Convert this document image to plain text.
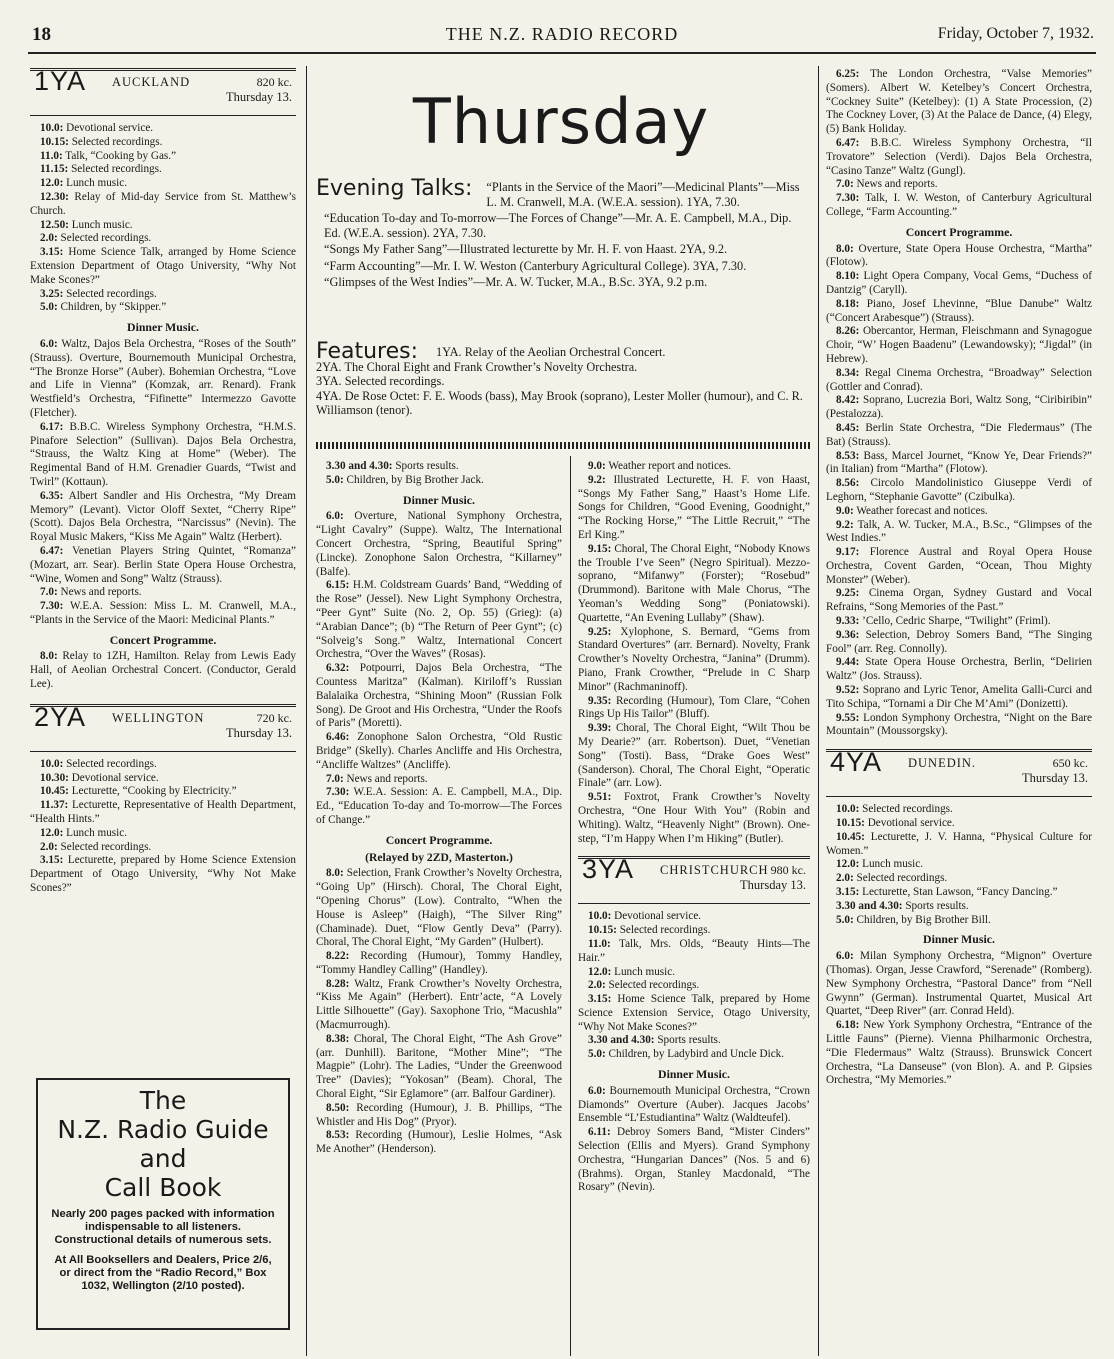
18	THE N.Z. RADIO RECORD	Friday, October 7, 1932.
1YA AUCKLAND	820 kc.
Thursday 13.

10.0: Devotional service.

10.15: Selected recordings.

11.0: Talk, “Cooking by Gas.”

11.15: Selected recordings.

12.0: Lunch music.

12.30: Relay of Mid-day Service from St. Matthew’s Church.

12.50: Lunch music.

2.0: Selected recordings.

3.15: Home Science Talk, arranged by Home Science Extension Department of Otago University, “Why Not Make Scones?”

3.25: Selected recordings.

5.0: Children, by “Skipper.”

Dinner Music.

6.0: Waltz, Dajos Bela Orchestra, “Roses of the South” (Strauss). Overture, Bournemouth Municipal Orchestra, “The Bronze Horse” (Auber). Bohemian Orchestra, “Love and Life in Vienna” (Komzak, arr. Renard). Frank Westfield’s Orchestra, “Fifinette” Intermezzo Gavotte (Fletcher).

6.17: B.B.C. Wireless Symphony Orchestra, “H.M.S. Pinafore Selection” (Sullivan). Dajos Bela Orchestra, “Strauss, the Waltz King at Home” (Weber). The Regimental Band of H.M. Grenadier Guards, “Twist and Twirl” (Kottaun).

6.35: Albert Sandler and His Orchestra, “My Dream Memory” (Levant). Victor Oloff Sextet, “Cherry Ripe” (Scott). Dajos Bela Orchestra, “Narcissus” (Nevin). The Royal Music Makers, “Kiss Me Again” Waltz (Herbert).

6.47: Venetian Players String Quintet, “Romanza” (Mozart, arr. Sear). Berlin State Opera House Orchestra, “Wine, Women and Song” Waltz (Strauss).

7.0: News and reports.

7.30: W.E.A. Session: Miss L. M. Cranwell, M.A., “Plants in the Service of the Maori: Medicinal Plants.”

Concert Programme.

8.0: Relay to 1ZH, Hamilton. Relay from Lewis Eady Hall, of Aeolian Orchestral Concert. (Conductor, Gerald Lee).

2YA WELLINGTON	720 kc.
Thursday 13.

10.0: Selected recordings.

10.30: Devotional service.

10.45: Lecturette, “Cooking by Electricity.”

11.37: Lecturette, Representative of Health Department, “Health Hints.”

12.0: Lunch music.

2.0: Selected recordings.

3.15: Lecturette, prepared by Home Science Extension Department of Otago University, “Why Not Make Scones?”

The
N.Z. Radio Guide
and
Call Book
Nearly 200 pages packed with information indispensable to all listeners. Constructional details of numerous sets.
At All Booksellers and Dealers, Price 2/6, or direct from the “Radio Record,” Box 1032, Wellington (2/10 posted).
Thursday
Evening Talks:	“Plants in the Service of the Maori”—Medicinal Plants”—Miss L. M. Cranwell, M.A. (W.E.A. session). 1YA, 7.30.
“Education To-day and To-morrow—The Forces of Change”—Mr. A. E. Campbell, M.A., Dip. Ed. (W.E.A. session). 2YA, 7.30.
“Songs My Father Sang”—Illustrated lecturette by Mr. H. F. von Haast. 2YA, 9.2.
“Farm Accounting”—Mr. I. W. Weston (Canterbury Agricultural College). 3YA, 7.30.
“Glimpses of the West Indies”—Mr. A. W. Tucker, M.A., B.Sc. 3YA, 9.2 p.m.
Features:	1YA. Relay of the Aeolian Orchestral Concert.
2YA. The Choral Eight and Frank Crowther’s Novelty Orchestra.
3YA. Selected recordings.
4YA. De Rose Octet: F. E. Woods (bass), May Brook (soprano), Lester Moller (humour), and C. R. Williamson (tenor).

3.30 and 4.30: Sports results.

5.0: Children, by Big Brother Jack.

Dinner Music.

6.0: Overture, National Symphony Orchestra, “Light Cavalry” (Suppe). Waltz, The International Concert Orchestra, “Spring, Beautiful Spring” (Lincke). Zonophone Salon Orchestra, “Killarney” (Balfe).

6.15: H.M. Coldstream Guards’ Band, “Wedding of the Rose” (Jessel). New Light Symphony Orchestra, “Peer Gynt” Suite (No. 2, Op. 55) (Grieg): (a) “Arabian Dance”; (b) “The Return of Peer Gynt”; (c) “Solveig’s Song.” Waltz, International Concert Orchestra, “Over the Waves” (Rosas).

6.32: Potpourri, Dajos Bela Orchestra, “The Countess Maritza” (Kalman). Kiriloff’s Russian Balalaika Orchestra, “Shining Moon” (Russian Folk Song). De Groot and His Orchestra, “Under the Roofs of Paris” (Moretti).

6.46: Zonophone Salon Orchestra, “Old Rustic Bridge” (Skelly). Charles Ancliffe and His Orchestra, “Ancliffe Waltzes” (Ancliffe).

7.0: News and reports.

7.30: W.E.A. Session: A. E. Campbell, M.A., Dip. Ed., “Education To-day and To-morrow—The Forces of Change.”

Concert Programme.
(Relayed by 2ZD, Masterton.)

8.0: Selection, Frank Crowther’s Novelty Orchestra, “Going Up” (Hirsch). Choral, The Choral Eight, “Opening Chorus” (Low). Contralto, “When the House is Asleep” (Haigh), “The Silver Ring” (Chaminade). Duet, “Flow Gently Deva” (Parry). Choral, The Choral Eight, “My Garden” (Hulbert).

8.22: Recording (Humour), Tommy Handley, “Tommy Handley Calling” (Handley).

8.28: Waltz, Frank Crowther’s Novelty Orchestra, “Kiss Me Again” (Herbert). Entr’acte, “A Lovely Little Silhouette” (Gay). Saxophone Trio, “Macushla” (Macmurrough).

8.38: Choral, The Choral Eight, “The Ash Grove” (arr. Dunhill). Baritone, “Mother Mine”; “The Magpie” (Lohr). The Ladies, “Under the Greenwood Tree” (Davies); “Yokosan” (Beam). Choral, The Choral Eight, “Sir Eglamore” (arr. Balfour Gardiner).

8.50: Recording (Humour), J. B. Phillips, “The Whistler and His Dog” (Pryor).

8.53: Recording (Humour), Leslie Holmes, “Ask Me Another” (Henderson).

9.0: Weather report and notices.

9.2: Illustrated Lecturette, H. F. von Haast, “Songs My Father Sang,” Haast’s Home Life. Songs for Children, “Good Evening, Goodnight,” “The Rocking Horse,” “The Little Recruit,” “The Erl King.”

9.15: Choral, The Choral Eight, “Nobody Knows the Trouble I’ve Seen” (Negro Spiritual). Mezzo-soprano, “Mifanwy” (Forster); “Rosebud” (Drummond). Baritone with Male Chorus, “The Yeoman’s Wedding Song” (Poniatowski). Quartette, “An Evening Lullaby” (Shaw).

9.25: Xylophone, S. Bernard, “Gems from Standard Overtures” (arr. Bernard). Novelty, Frank Crowther’s Novelty Orchestra, “Janina” (Drumm). Piano, Frank Crowther, “Prelude in C Sharp Minor” (Rachmaninoff).

9.35: Recording (Humour), Tom Clare, “Cohen Rings Up His Tailor” (Bluff).

9.39: Choral, The Choral Eight, “Wilt Thou be My Dearie?” (arr. Robertson). Duet, “Venetian Song” (Tosti). Bass, “Drake Goes West” (Sanderson). Choral, The Choral Eight, “Operatic Finale” (arr. Low).

9.51: Foxtrot, Frank Crowther’s Novelty Orchestra, “One Hour With You” (Robin and Whiting). Waltz, “Heavenly Night” (Brown). One-step, “I’m Happy When I’m Hiking” (Butler).

3YA CHRISTCHURCH 980 kc.
Thursday 13.

10.0: Devotional service.

10.15: Selected recordings.

11.0: Talk, Mrs. Olds, “Beauty Hints—The Hair.”

12.0: Lunch music.

2.0: Selected recordings.

3.15: Home Science Talk, prepared by Home Science Extension Service, Otago University, “Why Not Make Scones?”

3.30 and 4.30: Sports results.

5.0: Children, by Ladybird and Uncle Dick.

Dinner Music.

6.0: Bournemouth Municipal Orchestra, “Crown Diamonds” Overture (Auber). Jacques Jacobs’ Ensemble “L’Estudiantina” Waltz (Waldteufel).

6.11: Debroy Somers Band, “Mister Cinders” Selection (Ellis and Myers). Grand Symphony Orchestra, “Hungarian Dances” (Nos. 5 and 6) (Brahms). Organ, Stanley Macdonald, “The Rosary” (Nevin).

6.25: The London Orchestra, “Valse Memories” (Somers). Albert W. Ketelbey’s Concert Orchestra, “Cockney Suite” (Ketelbey): (1) A State Procession, (2) The Cockney Lover, (3) At the Palace de Dance, (4) Elegy, (5) Bank Holiday.

6.47: B.B.C. Wireless Symphony Orchestra, “Il Trovatore” Selection (Verdi). Dajos Bela Orchestra, “Casino Tanze” Waltz (Gungl).

7.0: News and reports.

7.30: Talk, I. W. Weston, of Canterbury Agricultural College, “Farm Accounting.”

Concert Programme.

8.0: Overture, State Opera House Orchestra, “Martha” (Flotow).

8.10: Light Opera Company, Vocal Gems, “Duchess of Dantzig” (Caryll).

8.18: Piano, Josef Lhevinne, “Blue Danube” Waltz (“Concert Arabesque”) (Strauss).

8.26: Obercantor, Herman, Fleischmann and Synagogue Choir, “W’ Hogen Baadenu” (Lewandowsky); “Jigdal” (in Hebrew).

8.34: Regal Cinema Orchestra, “Broadway” Selection (Gottler and Conrad).

8.42: Soprano, Lucrezia Bori, Waltz Song, “Ciribiribin” (Pestalozza).

8.45: Berlin State Orchestra, “Die Fledermaus” (The Bat) (Strauss).

8.53: Bass, Marcel Journet, “Know Ye, Dear Friends?” (in Italian) from “Martha” (Flotow).

8.56: Circolo Mandolinistico Giuseppe Verdi of Leghorn, “Stephanie Gavotte” (Czibulka).

9.0: Weather forecast and notices.

9.2: Talk, A. W. Tucker, M.A., B.Sc., “Glimpses of the West Indies.”

9.17: Florence Austral and Royal Opera House Orchestra, Covent Garden, “Ocean, Thou Mighty Monster” (Weber).

9.25: Cinema Organ, Sydney Gustard and Vocal Refrains, “Song Memories of the Past.”

9.33: ’Cello, Cedric Sharpe, “Twilight” (Friml).

9.36: Selection, Debroy Somers Band, “The Singing Fool” (arr. Reg. Connolly).

9.44: State Opera House Orchestra, Berlin, “Delirien Waltz” (Jos. Strauss).

9.52: Soprano and Lyric Tenor, Amelita Galli-Curci and Tito Schipa, “Tornami a Dir Che M’Ami” (Donizetti).

9.55: London Symphony Orchestra, “Night on the Bare Mountain” (Moussorgsky).

4YA DUNEDIN.	650 kc.
Thursday 13.

10.0: Selected recordings.

10.15: Devotional service.

10.45: Lecturette, J. V. Hanna, “Physical Culture for Women.”

12.0: Lunch music.

2.0: Selected recordings.

3.15: Lecturette, Stan Lawson, “Fancy Dancing.”

3.30 and 4.30: Sports results.

5.0: Children, by Big Brother Bill.

Dinner Music.

6.0: Milan Symphony Orchestra, “Mignon” Overture (Thomas). Organ, Jesse Crawford, “Serenade” (Romberg). New Symphony Orchestra, “Pastoral Dance” from “Nell Gwynn” (German). Instrumental Quartet, Musical Art Quartet, “Deep River” (arr. Conrad Held).

6.18: New York Symphony Orchestra, “Entrance of the Little Fauns” (Pierne). Vienna Philharmonic Orchestra, “Die Fledermaus” Waltz (Strauss). Brunswick Concert Orchestra, “La Danseuse” (von Blon). A. and P. Gipsies Orchestra, “My Memories.”
